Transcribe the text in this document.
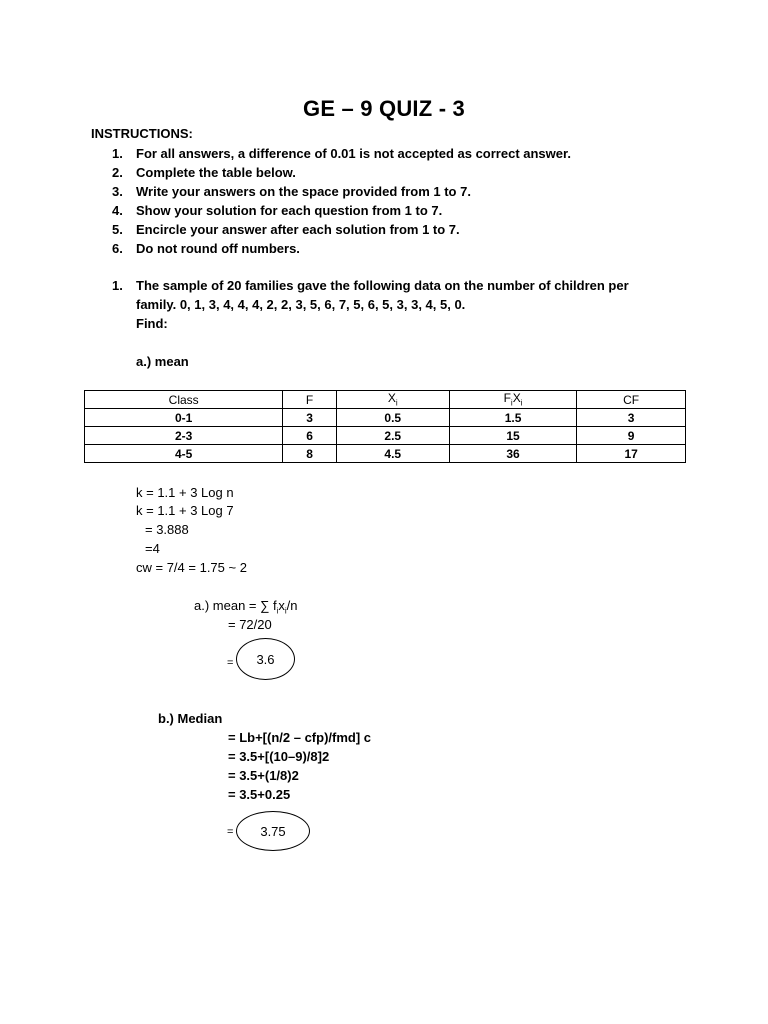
GE – 9 QUIZ - 3
INSTRUCTIONS:
1. For all answers, a difference of 0.01 is not accepted as correct answer.
2. Complete the table below.
3. Write your answers on the space provided from 1 to 7.
4. Show your solution for each question from 1 to 7.
5. Encircle your answer after each solution from 1 to 7.
6. Do not round off numbers.
1. The sample of 20 families gave the following data on the number of children per
family. 0, 1, 3, 4, 4, 4, 2, 2, 3, 5, 6, 7, 5, 6, 5, 3, 3, 4, 5, 0.
Find:
a.) mean
Class	F	$X_i$	$F_iX_i$	CF
0-1	3	0.5	1.5	3
2-3	6	2.5	15	9
4-5	8	4.5	36	17
k = 1.1 + 3 Log n
k = 1.1 + 3 Log 7
= 3.888
=4
cw = 7/4 = 1.75 ~ 2
a.) mean = ∑ $f_ix_i/n$
= 72/20
= 3.6
b.) Median
= Lb+[(n/2 – cfp)/fmd] c
= 3.5+[(10–9)/8]2
= 3.5+(1/8)2
= 3.5+0.25
= 3.75
